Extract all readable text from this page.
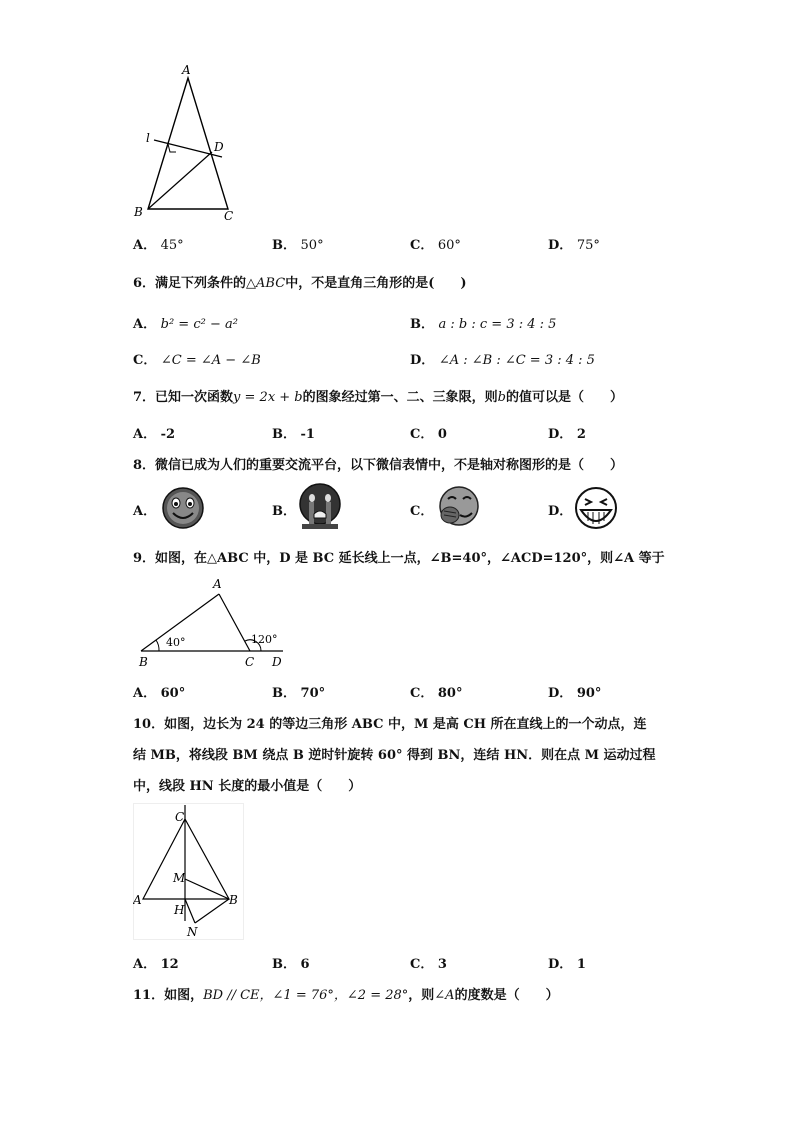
A
l
D
B	C
A． 45°	B． 50°	C． 60°	D． 75°
6．满足下列条件的△ABC中，不是直角三角形的是(　　)
A． b² = c² − a²	B． a : b : c = 3 : 4 : 5
C． ∠C = ∠A − ∠B	D． ∠A : ∠B : ∠C = 3 : 4 : 5
7．已知一次函数y = 2x + b的图象经过第一、二、三象限，则b的值可以是（　　）
A． -2	B． -1	C． 0	D． 2
8．微信已成为人们的重要交流平台，以下微信表情中，不是轴对称图形的是（　　）
A．	B．	C．	D．
9．如图，在△ABC 中，D 是 BC 延长线上一点，∠B=40°，∠ACD=120°，则∠A 等于
A
B	C D
40°	120°
A． 60°	B． 70°	C． 80°	D． 90°
10．如图，边长为 24 的等边三角形 ABC 中，M 是高 CH 所在直线上的一个动点，连
结 MB，将线段 BM 绕点 B 逆时针旋转 60° 得到 BN，连结 HN．则在点 M 运动过程
中，线段 HN 长度的最小值是（　　）
C
M
A
H
B
N
A． 12	B． 6	C． 3	D． 1
11．如图，BD // CE，∠1 = 76°，∠2 = 28°，则∠A的度数是（　　）
